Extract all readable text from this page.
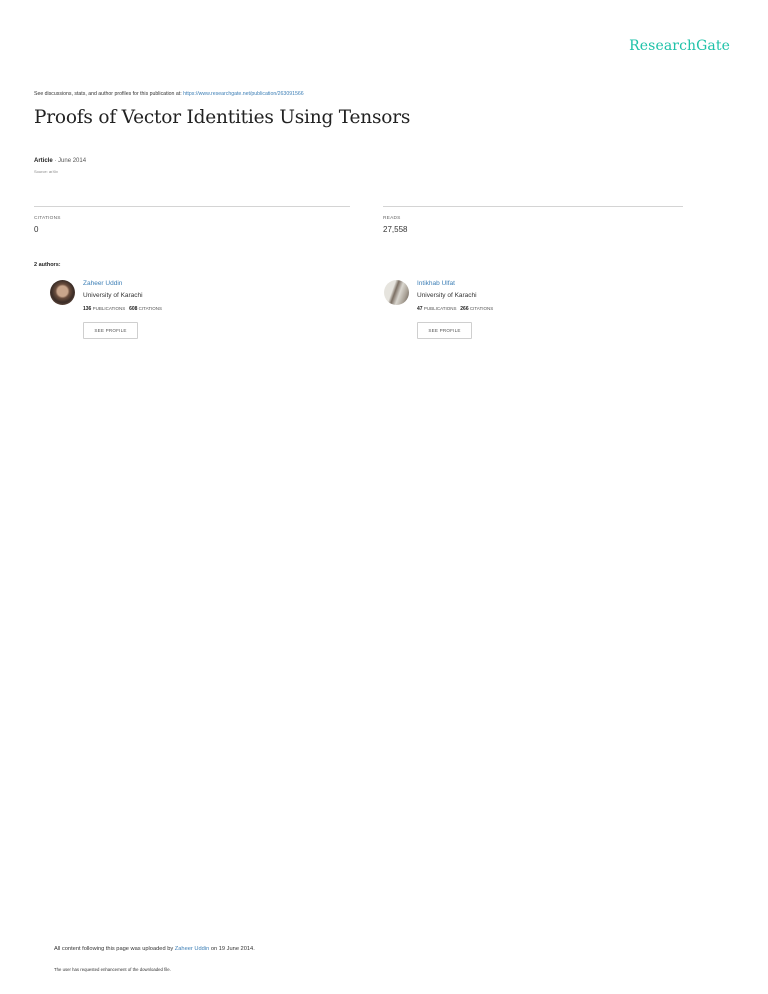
ResearchGate
See discussions, stats, and author profiles for this publication at: https://www.researchgate.net/publication/263091566
Proofs of Vector Identities Using Tensors
Article · June 2014
Source: arXiv
CITATIONS
0
READS
27,558
2 authors:
Zaheer Uddin
University of Karachi
136 PUBLICATIONS 608 CITATIONS
SEE PROFILE
Intikhab Ulfat
University of Karachi
47 PUBLICATIONS 266 CITATIONS
SEE PROFILE
All content following this page was uploaded by Zaheer Uddin on 19 June 2014.
The user has requested enhancement of the downloaded file.
